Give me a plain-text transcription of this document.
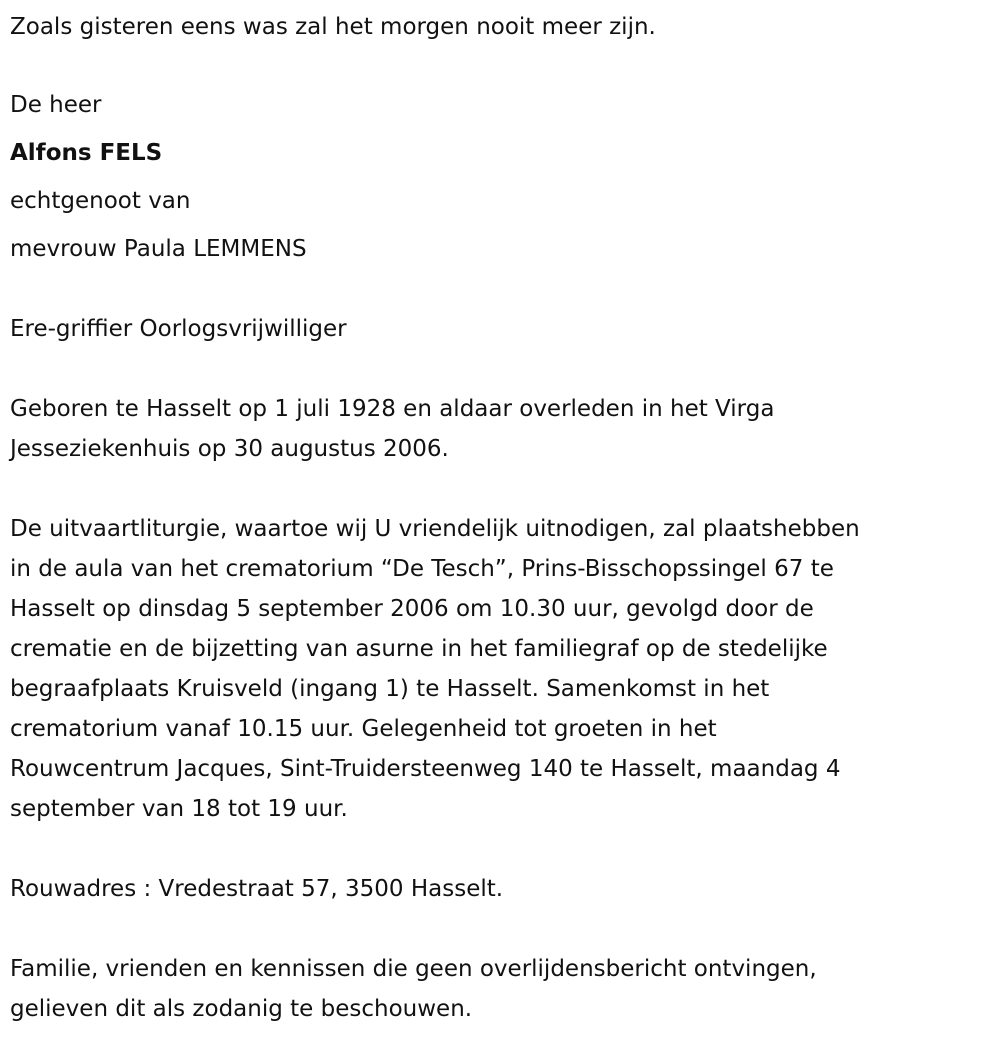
Zoals gisteren eens was zal het morgen nooit meer zijn.
De heer
Alfons FELS
echtgenoot van
mevrouw Paula LEMMENS
Ere-griffier Oorlogsvrijwilliger
Geboren te Hasselt op 1 juli 1928 en aldaar overleden in het Virga
Jesseziekenhuis op 30 augustus 2006.
De uitvaartliturgie, waartoe wij U vriendelijk uitnodigen, zal plaatshebben
in de aula van het crematorium “De Tesch”, Prins-Bisschopssingel 67 te
Hasselt op dinsdag 5 september 2006 om 10.30 uur, gevolgd door de
crematie en de bijzetting van asurne in het familiegraf op de stedelijke
begraafplaats Kruisveld (ingang 1) te Hasselt. Samenkomst in het
crematorium vanaf 10.15 uur. Gelegenheid tot groeten in het
Rouwcentrum Jacques, Sint-Truidersteenweg 140 te Hasselt, maandag 4
september van 18 tot 19 uur.
Rouwadres : Vredestraat 57, 3500 Hasselt.
Familie, vrienden en kennissen die geen overlijdensbericht ontvingen,
gelieven dit als zodanig te beschouwen.
